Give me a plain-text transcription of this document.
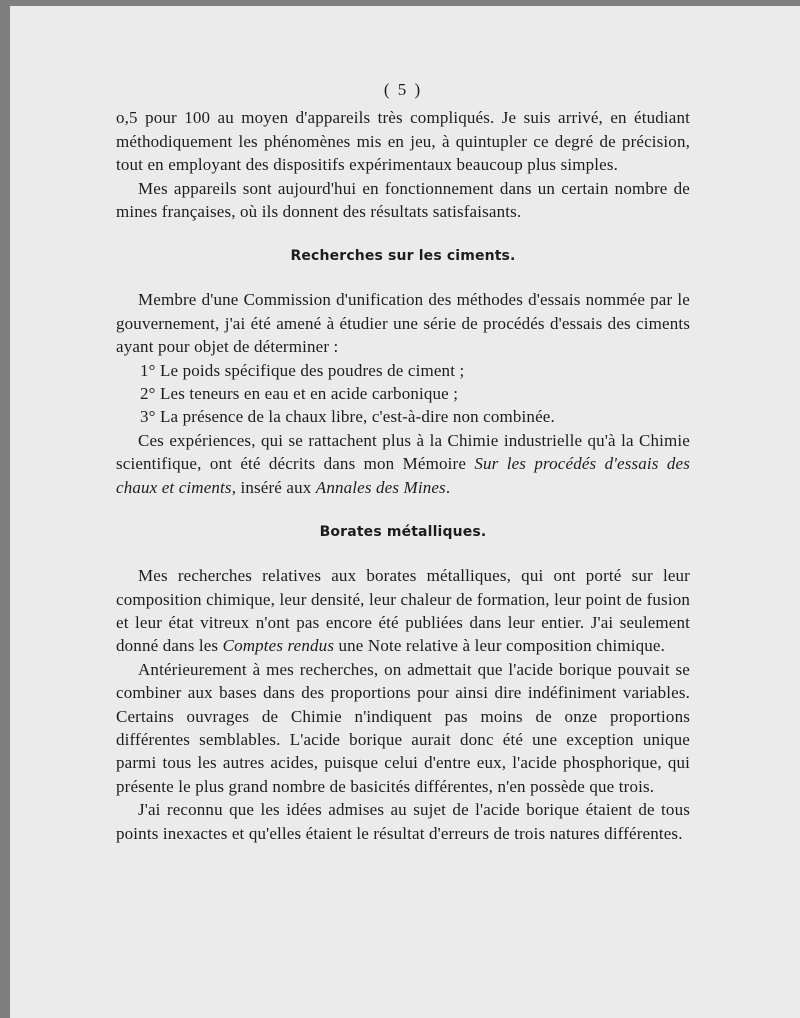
( 5 )

o,5 pour 100 au moyen d'appareils très compliqués. Je suis arrivé, en étudiant méthodiquement les phénomènes mis en jeu, à quintupler ce degré de précision, tout en employant des dispositifs expérimentaux beaucoup plus simples.

Mes appareils sont aujourd'hui en fonctionnement dans un certain nombre de mines françaises, où ils donnent des résultats satisfaisants.

Recherches sur les ciments.

Membre d'une Commission d'unification des méthodes d'essais nommée par le gouvernement, j'ai été amené à étudier une série de procédés d'essais des ciments ayant pour objet de déterminer :

1° Le poids spécifique des poudres de ciment ;

2° Les teneurs en eau et en acide carbonique ;

3° La présence de la chaux libre, c'est-à-dire non combinée.

Ces expériences, qui se rattachent plus à la Chimie industrielle qu'à la Chimie scientifique, ont été décrits dans mon Mémoire Sur les procédés d'essais des chaux et ciments, inséré aux Annales des Mines.

Borates métalliques.

Mes recherches relatives aux borates métalliques, qui ont porté sur leur composition chimique, leur densité, leur chaleur de formation, leur point de fusion et leur état vitreux n'ont pas encore été publiées dans leur entier. J'ai seulement donné dans les Comptes rendus une Note relative à leur composition chimique.

Antérieurement à mes recherches, on admettait que l'acide borique pouvait se combiner aux bases dans des proportions pour ainsi dire indéfiniment variables. Certains ouvrages de Chimie n'indiquent pas moins de onze proportions différentes semblables. L'acide borique aurait donc été une exception unique parmi tous les autres acides, puisque celui d'entre eux, l'acide phosphorique, qui présente le plus grand nombre de basicités différentes, n'en possède que trois.

J'ai reconnu que les idées admises au sujet de l'acide borique étaient de tous points inexactes et qu'elles étaient le résultat d'erreurs de trois natures différentes.
